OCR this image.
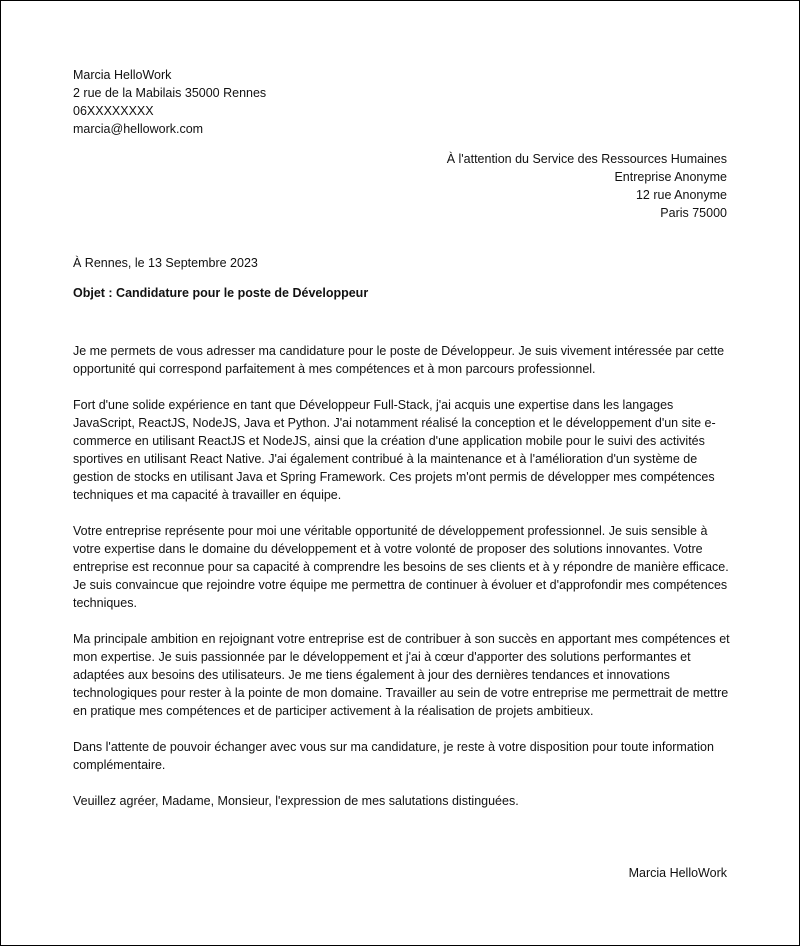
Marcia HelloWork
2 rue de la Mabilais 35000 Rennes
06XXXXXXXX
marcia@hellowork.com
À l'attention du Service des Ressources Humaines
Entreprise Anonyme
12 rue Anonyme
Paris 75000
À Rennes, le 13 Septembre 2023
Objet : Candidature pour le poste de Développeur

Je me permets de vous adresser ma candidature pour le poste de Développeur. Je suis vivement intéressée par cette opportunité qui correspond parfaitement à mes compétences et à mon parcours professionnel.

Fort d'une solide expérience en tant que Développeur Full-Stack, j'ai acquis une expertise dans les langages JavaScript, ReactJS, NodeJS, Java et Python. J'ai notamment réalisé la conception et le développement d'un site e-commerce en utilisant ReactJS et NodeJS, ainsi que la création d'une application mobile pour le suivi des activités sportives en utilisant React Native. J'ai également contribué à la maintenance et à l'amélioration d'un système de gestion de stocks en utilisant Java et Spring Framework. Ces projets m'ont permis de développer mes compétences techniques et ma capacité à travailler en équipe.

Votre entreprise représente pour moi une véritable opportunité de développement professionnel. Je suis sensible à votre expertise dans le domaine du développement et à votre volonté de proposer des solutions innovantes. Votre entreprise est reconnue pour sa capacité à comprendre les besoins de ses clients et à y répondre de manière efficace. Je suis convaincue que rejoindre votre équipe me permettra de continuer à évoluer et d'approfondir mes compétences techniques.

Ma principale ambition en rejoignant votre entreprise est de contribuer à son succès en apportant mes compétences et mon expertise. Je suis passionnée par le développement et j'ai à cœur d'apporter des solutions performantes et adaptées aux besoins des utilisateurs. Je me tiens également à jour des dernières tendances et innovations technologiques pour rester à la pointe de mon domaine. Travailler au sein de votre entreprise me permettrait de mettre en pratique mes compétences et de participer activement à la réalisation de projets ambitieux.

Dans l'attente de pouvoir échanger avec vous sur ma candidature, je reste à votre disposition pour toute information complémentaire.

Veuillez agréer, Madame, Monsieur, l'expression de mes salutations distinguées.

Marcia HelloWork
